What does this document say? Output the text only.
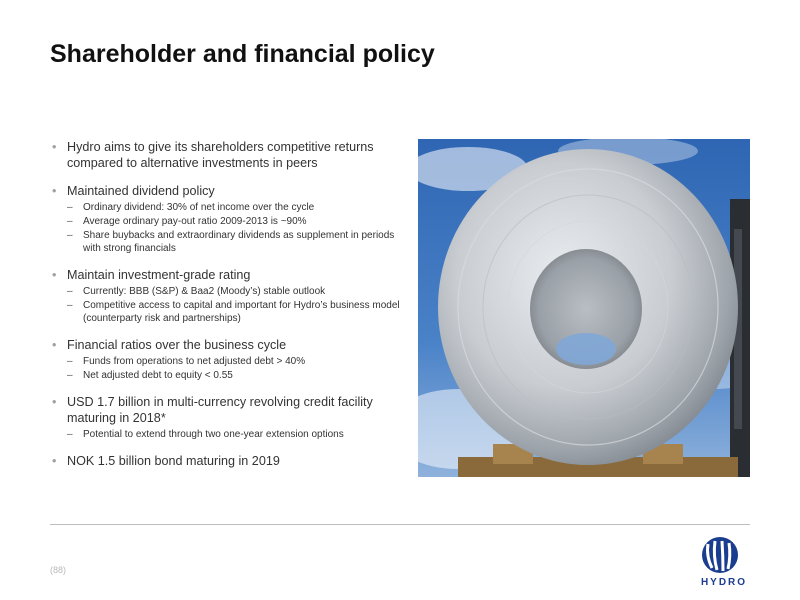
Shareholder and financial policy
• Hydro aims to give its shareholders competitive returns compared to alternative investments in peers
• Maintained dividend policy
– Ordinary dividend: 30% of net income over the cycle
– Average ordinary pay-out ratio 2009-2013 is ~90%
– Share buybacks and extraordinary dividends as supplement in periods with strong financials
• Maintain investment-grade rating
– Currently: BBB (S&P) & Baa2 (Moody’s) stable outlook
– Competitive access to capital and important for Hydro’s business model (counterparty risk and partnerships)
• Financial ratios over the business cycle
– Funds from operations to net adjusted debt > 40%
– Net adjusted debt to equity < 0.55
• USD 1.7 billion in multi-currency revolving credit facility maturing in 2018*
– Potential to extend through two one-year extension options
• NOK 1.5 billion bond maturing in 2019
(88)
HYDRO
